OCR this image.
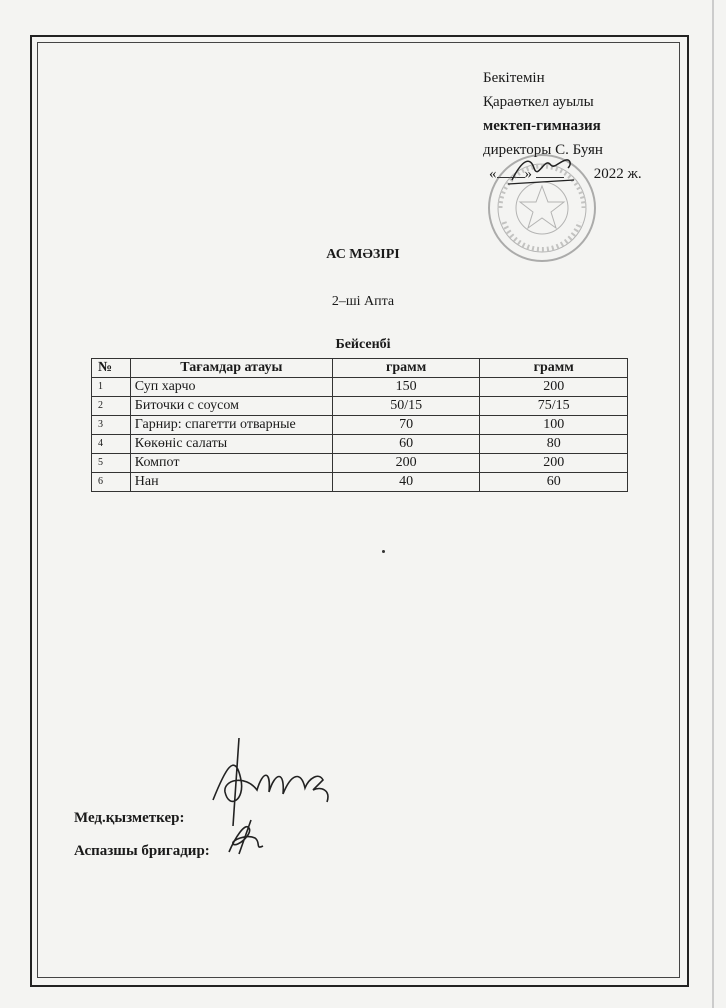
Бекітемін
Қараөткел ауылы
мектеп-гимназия
директоры С. Буян
« »	2022 ж.
АС МӘЗІРІ
2–ші Апта
Бейсенбі
№	Тағамдар атауы	грамм	грамм
1	Суп харчо	150	200
2	Биточки с соусом	50/15	75/15
3	Гарнир: спагетти отварные	70	100
4	Көкөніс салаты	60	80
5	Компот	200	200
6	Нан	40	60
Мед.қызметкер:
Аспазшы бригадир:
